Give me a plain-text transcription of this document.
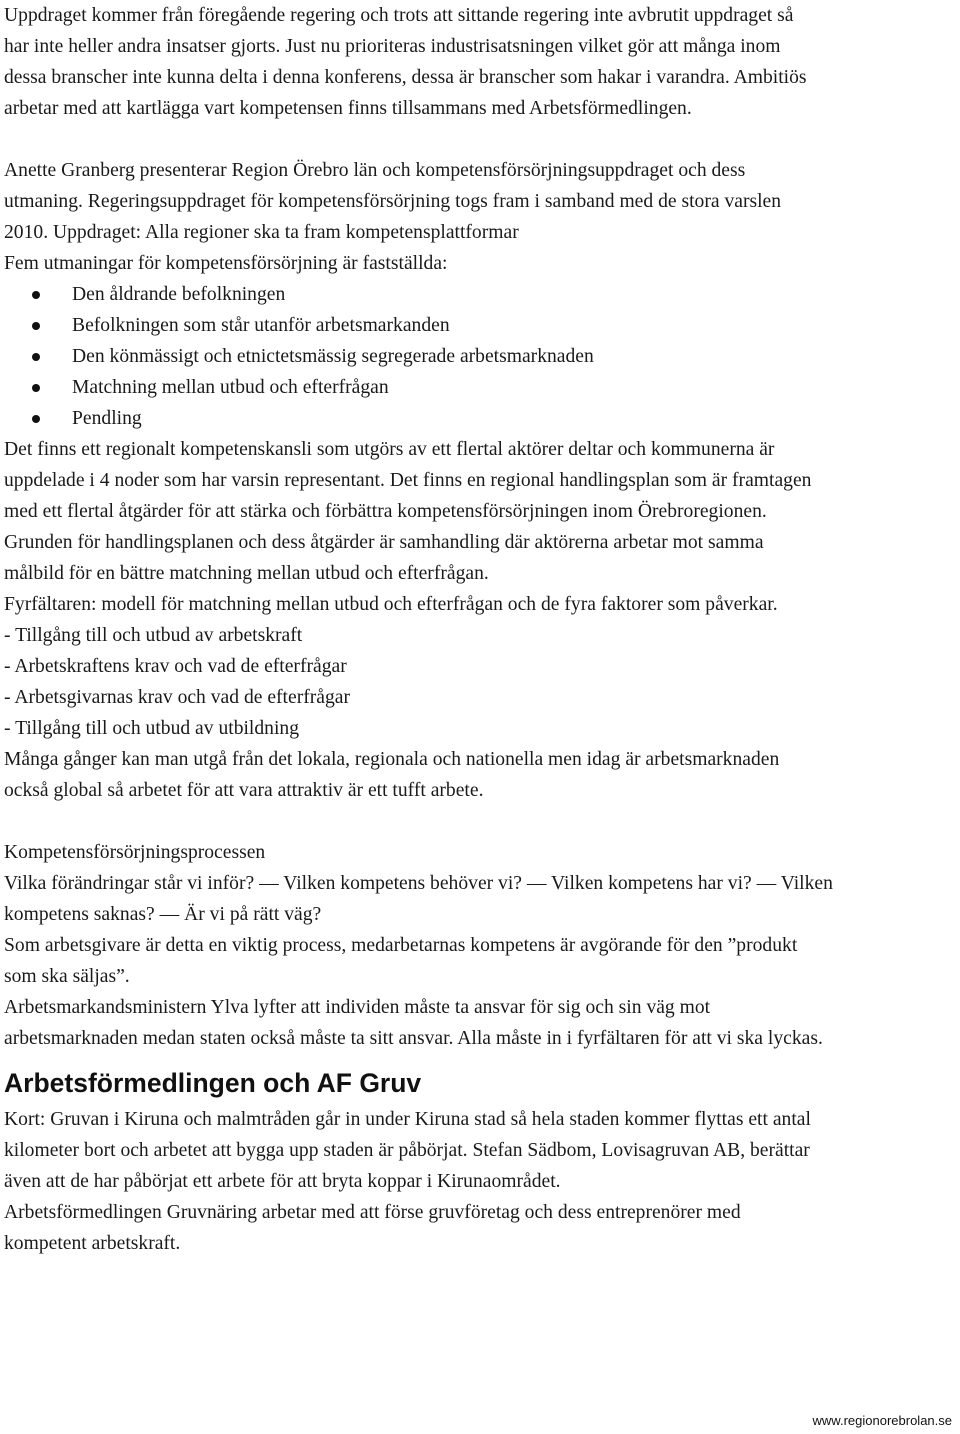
Uppdraget kommer från föregående regering och trots att sittande regering inte avbrutit uppdraget så

har inte heller andra insatser gjorts. Just nu prioriteras industrisatsningen vilket gör att många inom

dessa branscher inte kunna delta i denna konferens, dessa är branscher som hakar i varandra. Ambitiös

arbetar med att kartlägga vart kompetensen finns tillsammans med Arbetsförmedlingen.

Anette Granberg presenterar Region Örebro län och kompetensförsörjningsuppdraget och dess

utmaning. Regeringsuppdraget för kompetensförsörjning togs fram i samband med de stora varslen

2010. Uppdraget: Alla regioner ska ta fram kompetensplattformar

Fem utmaningar för kompetensförsörjning är fastställda:

Den åldrande befolkningen
Befolkningen som står utanför arbetsmarkanden
Den könmässigt och etnictetsmässig segregerade arbetsmarknaden
Matchning mellan utbud och efterfrågan
Pendling

Det finns ett regionalt kompetenskansli som utgörs av ett flertal aktörer deltar och kommunerna är

uppdelade i 4 noder som har varsin representant. Det finns en regional handlingsplan som är framtagen

med ett flertal åtgärder för att stärka och förbättra kompetensförsörjningen inom Örebroregionen.

Grunden för handlingsplanen och dess åtgärder är samhandling där aktörerna arbetar mot samma

målbild för en bättre matchning mellan utbud och efterfrågan.

Fyrfältaren: modell för matchning mellan utbud och efterfrågan och de fyra faktorer som påverkar.

- Tillgång till och utbud av arbetskraft

- Arbetskraftens krav och vad de efterfrågar

- Arbetsgivarnas krav och vad de efterfrågar

- Tillgång till och utbud av utbildning

Många gånger kan man utgå från det lokala, regionala och nationella men idag är arbetsmarknaden

också global så arbetet för att vara attraktiv är ett tufft arbete.

Kompetensförsörjningsprocessen

Vilka förändringar står vi inför? — Vilken kompetens behöver vi? — Vilken kompetens har vi? — Vilken

kompetens saknas? — Är vi på rätt väg?

Som arbetsgivare är detta en viktig process, medarbetarnas kompetens är avgörande för den ”produkt

som ska säljas”.

Arbetsmarkandsministern Ylva lyfter att individen måste ta ansvar för sig och sin väg mot

arbetsmarknaden medan staten också måste ta sitt ansvar. Alla måste in i fyrfältaren för att vi ska lyckas.

Arbetsförmedlingen och AF Gruv

Kort: Gruvan i Kiruna och malmtråden går in under Kiruna stad så hela staden kommer flyttas ett antal

kilometer bort och arbetet att bygga upp staden är påbörjat. Stefan Sädbom, Lovisagruvan AB, berättar

även att de har påbörjat ett arbete för att bryta koppar i Kirunaområdet.

Arbetsförmedlingen Gruvnäring arbetar med att förse gruvföretag och dess entreprenörer med

kompetent arbetskraft.

www.regionorebrolan.se
